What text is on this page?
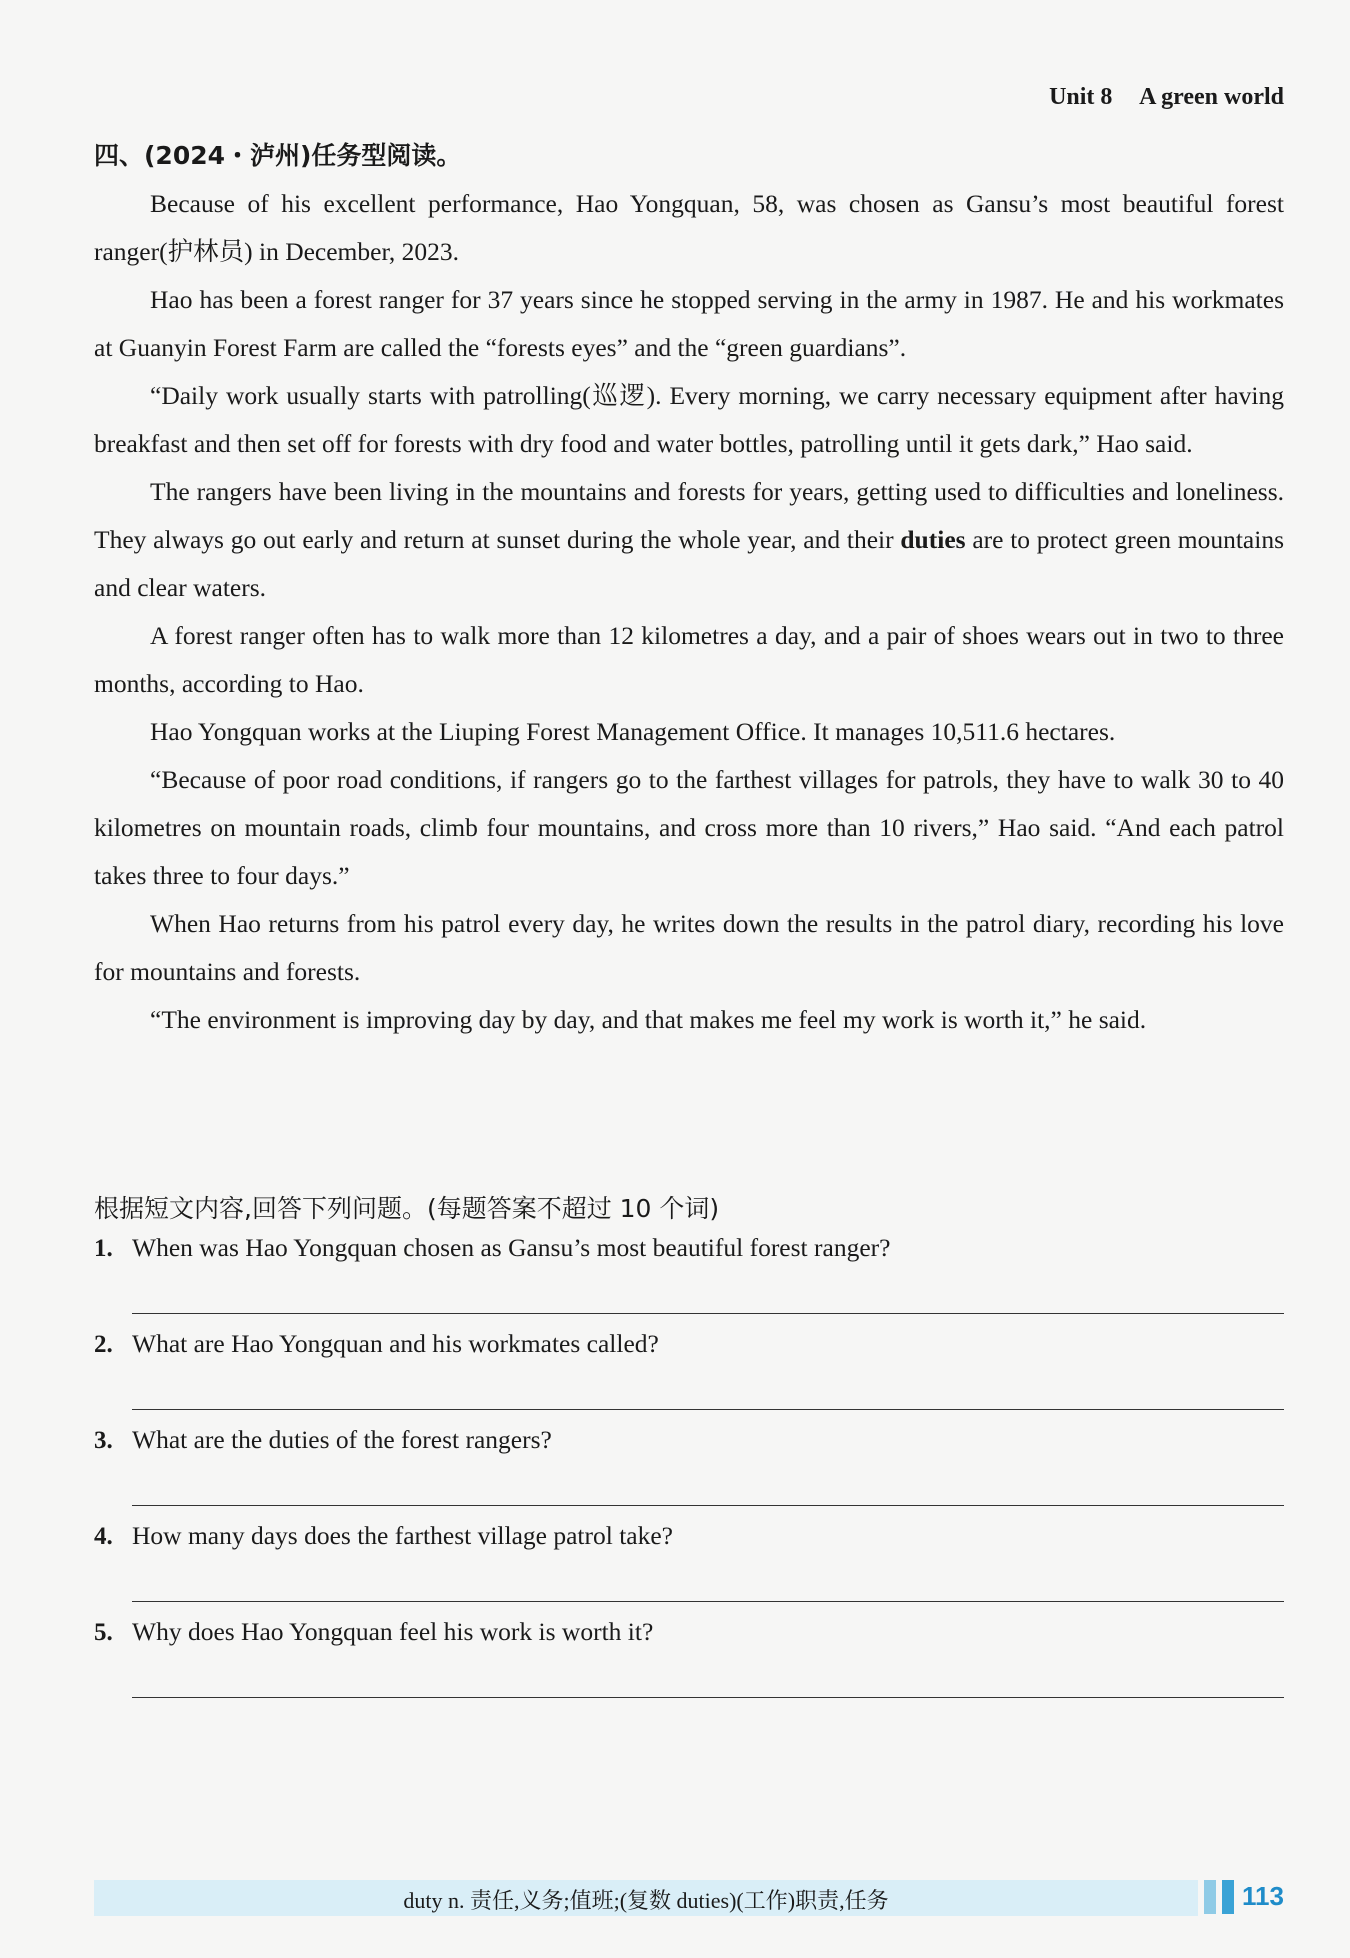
Unit 8 A green world
四、(2024・泸州)任务型阅读。

Because of his excellent performance, Hao Yongquan, 58, was chosen as Gansu’s most beautiful forest ranger(护林员) in December, 2023.

Hao has been a forest ranger for 37 years since he stopped serving in the army in 1987. He and his workmates at Guanyin Forest Farm are called the “forests eyes” and the “green guardians”.

“Daily work usually starts with patrolling(巡逻). Every morning, we carry necessary equipment after having breakfast and then set off for forests with dry food and water bottles, patrolling until it gets dark,” Hao said.

The rangers have been living in the mountains and forests for years, getting used to difficulties and loneliness. They always go out early and return at sunset during the whole year, and their duties are to protect green mountains and clear waters.

A forest ranger often has to walk more than 12 kilometres a day, and a pair of shoes wears out in two to three months, according to Hao.

Hao Yongquan works at the Liuping Forest Management Office. It manages 10,511.6 hectares.

“Because of poor road conditions, if rangers go to the farthest villages for patrols, they have to walk 30 to 40 kilometres on mountain roads, climb four mountains, and cross more than 10 rivers,” Hao said. “And each patrol takes three to four days.”

When Hao returns from his patrol every day, he writes down the results in the patrol diary, recording his love for mountains and forests.

“The environment is improving day by day, and that makes me feel my work is worth it,” he said.

根据短文内容,回答下列问题。(每题答案不超过 10 个词)
1. When was Hao Yongquan chosen as Gansu’s most beautiful forest ranger?
2. What are Hao Yongquan and his workmates called?
3. What are the duties of the forest rangers?
4. How many days does the farthest village patrol take?
5. Why does Hao Yongquan feel his work is worth it?
duty n. 责任,义务;值班;(复数 duties)(工作)职责,任务	113
